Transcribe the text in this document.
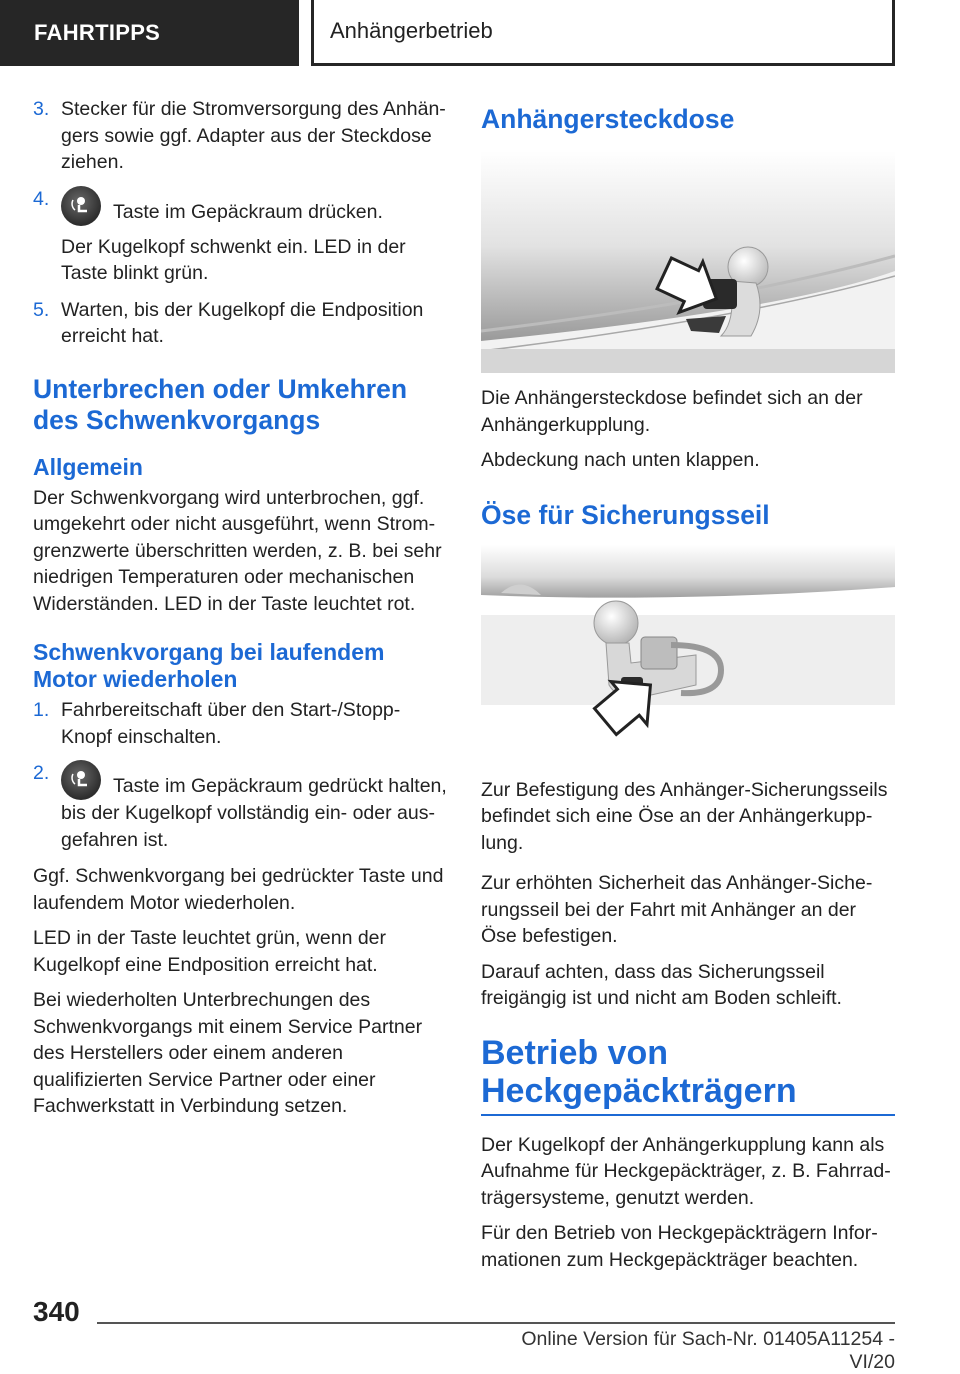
FAHRTIPPS	Anhängerbetrieb
3. Stecker für die Stromversorgung des Anhängers sowie ggf. Adapter aus der Steckdose ziehen.
4.
Taste im Gepäckraum drücken.
Der Kugelkopf schwenkt ein. LED in der Taste blinkt grün.
5. Warten, bis der Kugelkopf die Endposition erreicht hat.
Unterbrechen oder Umkehren des Schwenkvorgangs
Allgemein

Der Schwenkvorgang wird unterbrochen, ggf. umgekehrt oder nicht ausgeführt, wenn Stromgrenzwerte überschritten werden, z. B. bei sehr niedrigen Temperaturen oder mechanischen Widerständen. LED in der Taste leuchtet rot.

Schwenkvorgang bei laufendem Motor wiederholen
1. Fahrbereitschaft über den Start-/Stopp-Knopf einschalten.
2.
Taste im Gepäckraum gedrückt halten, bis der Kugelkopf vollständig ein- oder ausgefahren ist.

Ggf. Schwenkvorgang bei gedrückter Taste und laufendem Motor wiederholen.

LED in der Taste leuchtet grün, wenn der Kugelkopf eine Endposition erreicht hat.

Bei wiederholten Unterbrechungen des Schwenkvorgangs mit einem Service Partner des Herstellers oder einem anderen qualifizierten Service Partner oder einer Fachwerkstatt in Verbindung setzen.

Anhängersteckdose

Die Anhängersteckdose befindet sich an der Anhängerkupplung.

Abdeckung nach unten klappen.

Öse für Sicherungsseil

Zur Befestigung des Anhänger-Sicherungsseils befindet sich eine Öse an der Anhängerkupplung.

Zur erhöhten Sicherheit das Anhänger-Sicherungsseil bei der Fahrt mit Anhänger an der Öse befestigen.

Darauf achten, dass das Sicherungsseil freigängig ist und nicht am Boden schleift.

Betrieb von Heckgepäckträgern

Der Kugelkopf der Anhängerkupplung kann als Aufnahme für Heckgepäckträger, z. B. Fahrradträgersysteme, genutzt werden.

Für den Betrieb von Heckgepäckträgern Informationen zum Heckgepäckträger beachten.

340
Online Version für Sach-Nr. 01405A11254 - VI/20
